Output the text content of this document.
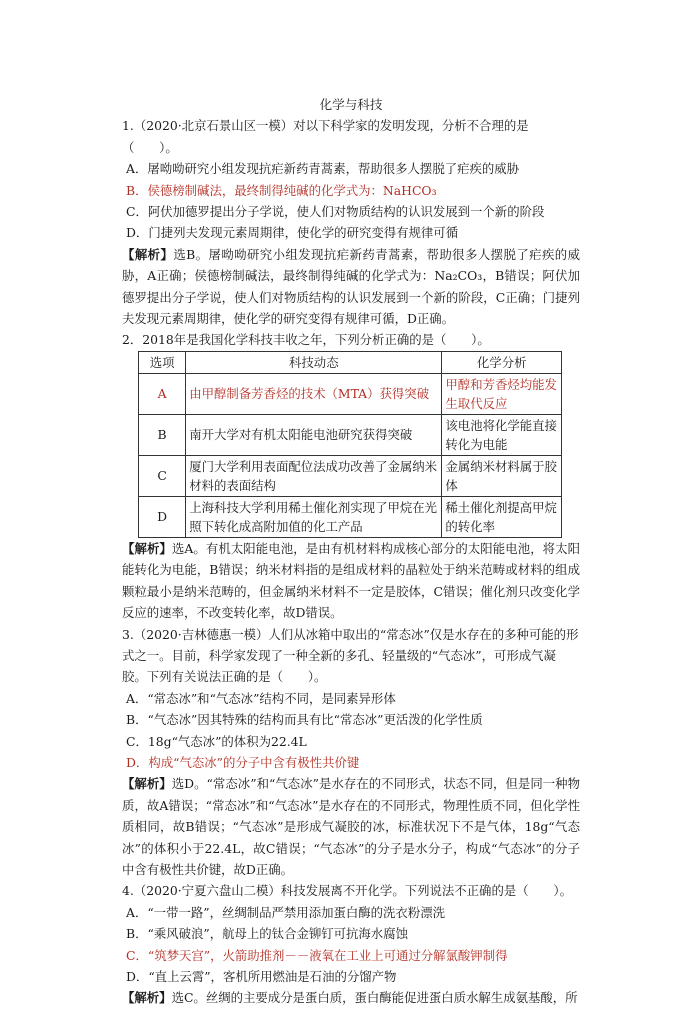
化学与科技

1.（2020·北京石景山区一模）对以下科学家的发明发现，分析不合理的是（　　）。

A．屠呦呦研究小组发现抗疟新药青蒿素，帮助很多人摆脱了疟疾的威胁

B．侯德榜制碱法，最终制得纯碱的化学式为：NaHCO₃

C．阿伏加德罗提出分子学说，使人们对物质结构的认识发展到一个新的阶段

D．门捷列夫发现元素周期律，使化学的研究变得有规律可循

【解析】选B。屠呦呦研究小组发现抗疟新药青蒿素，帮助很多人摆脱了疟疾的威胁，A正确；侯德榜制碱法，最终制得纯碱的化学式为：Na₂CO₃，B错误；阿伏加德罗提出分子学说，使人们对物质结构的认识发展到一个新的阶段，C正确；门捷列夫发现元素周期律，使化学的研究变得有规律可循，D正确。

2．2018年是我国化学科技丰收之年，下列分析正确的是（　　）。

选项	科技动态	化学分析
A	由甲醇制备芳香烃的技术（MTA）获得突破	甲醇和芳香烃均能发生取代反应
B	南开大学对有机太阳能电池研究获得突破	该电池将化学能直接转化为电能
C	厦门大学利用表面配位法成功改善了金属纳米材料的表面结构	金属纳米材料属于胶体
D	上海科技大学利用稀土催化剂实现了甲烷在光照下转化成高附加值的化工产品	稀土催化剂提高甲烷的转化率

【解析】选A。有机太阳能电池，是由有机材料构成核心部分的太阳能电池，将太阳能转化为电能，B错误；纳米材料指的是组成材料的晶粒处于纳米范畴或材料的组成颗粒最小是纳米范畴的，但金属纳米材料不一定是胶体，C错误；催化剂只改变化学反应的速率，不改变转化率，故D错误。

3.（2020·吉林德惠一模）人们从冰箱中取出的“常态冰”仅是水存在的多种可能的形式之一。目前，科学家发现了一种全新的多孔、轻量级的“气态冰”，可形成气凝胶。下列有关说法正确的是（　　）。

A．“常态冰”和“气态冰”结构不同，是同素异形体

B．“气态冰”因其特殊的结构而具有比“常态冰”更活泼的化学性质

C．18g“气态冰”的体积为22.4L

D．构成“气态冰”的分子中含有极性共价键

【解析】选D。“常态冰”和“气态冰”是水存在的不同形式，状态不同，但是同一种物质，故A错误；“常态冰”和“气态冰”是水存在的不同形式，物理性质不同，但化学性质相同，故B错误；“气态冰”是形成气凝胶的冰，标准状况下不是气体，18g“气态冰”的体积小于22.4L，故C错误；“气态冰”的分子是水分子，构成“气态冰”的分子中含有极性共价键，故D正确。

4.（2020·宁夏六盘山二模）科技发展离不开化学。下列说法不正确的是（　　）。

A．“一带一路”，丝绸制品严禁用添加蛋白酶的洗衣粉漂洗

B．“乘风破浪”，航母上的钛合金铆钉可抗海水腐蚀

C．“筑梦天宫”，火箭助推剂－－液氧在工业上可通过分解氯酸钾制得

D．“直上云霄”，客机所用燃油是石油的分馏产物

【解析】选C。丝绸的主要成分是蛋白质，蛋白酶能促进蛋白质水解生成氨基酸，所
